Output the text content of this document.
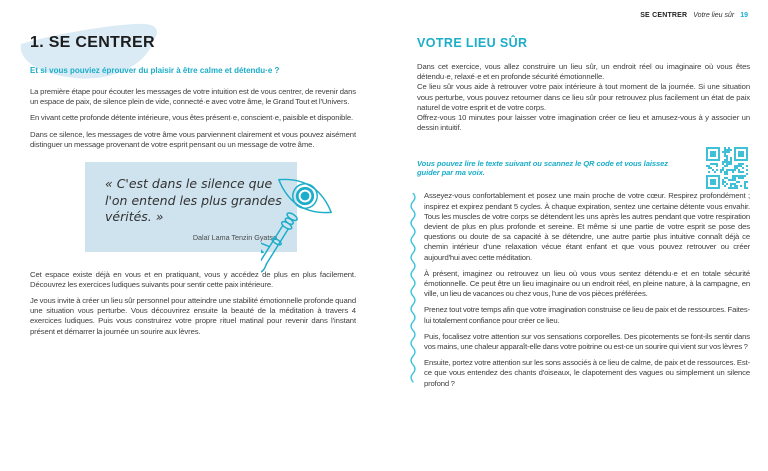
1. SE CENTRER

Et si vous pouviez éprouver du plaisir à être calme et détendu·e ?

La première étape pour écouter les messages de votre intuition est de vous centrer, de revenir dans un espace de paix, de silence plein de vide, connecté·e avec votre âme, le Grand Tout et l'Univers.

En vivant cette profonde détente intérieure, vous êtes présent·e, conscient·e, paisible et disponible.

Dans ce silence, les messages de votre âme vous parviennent clairement et vous pouvez aisément distinguer un message provenant de votre esprit pensant ou un message de votre âme.

« C'est dans le silence que l'on entend les plus grandes vérités. »

Dalaï Lama Tenzin Gyatso

Cet espace existe déjà en vous et en pratiquant, vous y accédez de plus en plus facilement. Découvrez les exercices ludiques suivants pour sentir cette paix intérieure.

Je vous invite à créer un lieu sûr personnel pour atteindre une stabilité émotionnelle profonde quand une situation vous perturbe. Vous découvrirez ensuite la beauté de la méditation à travers 4 exercices ludiques. Puis vous construirez votre propre rituel matinal pour revenir dans l'instant présent et démarrer la journée un sourire aux lèvres.

SE CENTRER Votre lieu sûr 19
VOTRE LIEU SÛR

Dans cet exercice, vous allez construire un lieu sûr, un endroit réel ou imaginaire où vous êtes détendu·e, relaxé·e et en profonde sécurité émotionnelle.

Ce lieu sûr vous aide à retrouver votre paix intérieure à tout moment de la journée. Si une situation vous perturbe, vous pouvez retourner dans ce lieu sûr pour retrouvez plus facilement un état de paix naturel de votre esprit et de votre corps.

Offrez-vous 10 minutes pour laisser votre imagination créer ce lieu et amusez-vous à y associer un dessin intuitif.

Vous pouvez lire le texte suivant ou scannez le QR code et vous laissez guider par ma voix.

Asseyez-vous confortablement et posez une main proche de votre cœur. Respirez profondément ; inspirez et expirez pendant 5 cycles. À chaque expiration, sentez une certaine détente vous envahir. Tous les muscles de votre corps se détendent les uns après les autres pendant que votre respiration devient de plus en plus profonde et sereine. Et même si une partie de votre esprit se pose des questions ou doute de sa capacité à se détendre, une autre partie plus intuitive connaît déjà ce chemin intérieur d'une relaxation vécue étant enfant et que vous pouvez retrouver ou créer aujourd'hui avec cette méditation.

À présent, imaginez ou retrouvez un lieu où vous vous sentez détendu·e et en totale sécurité émotionnelle. Ce peut être un lieu imaginaire ou un endroit réel, en pleine nature, à la campagne, en ville, un lieu de vacances ou chez vous, l'une de vos pièces préférées.

Prenez tout votre temps afin que votre imagination construise ce lieu de paix et de ressources. Faites-lui totalement confiance pour créer ce lieu.

Puis, focalisez votre attention sur vos sensations corporelles. Des picotements se font-ils sentir dans vos mains, une chaleur apparaît-elle dans votre poitrine ou est-ce un sourire qui vient sur vos lèvres ?

Ensuite, portez votre attention sur les sons associés à ce lieu de calme, de paix et de ressources. Est-ce que vous entendez des chants d'oiseaux, le clapotement des vagues ou simplement un silence profond ?
